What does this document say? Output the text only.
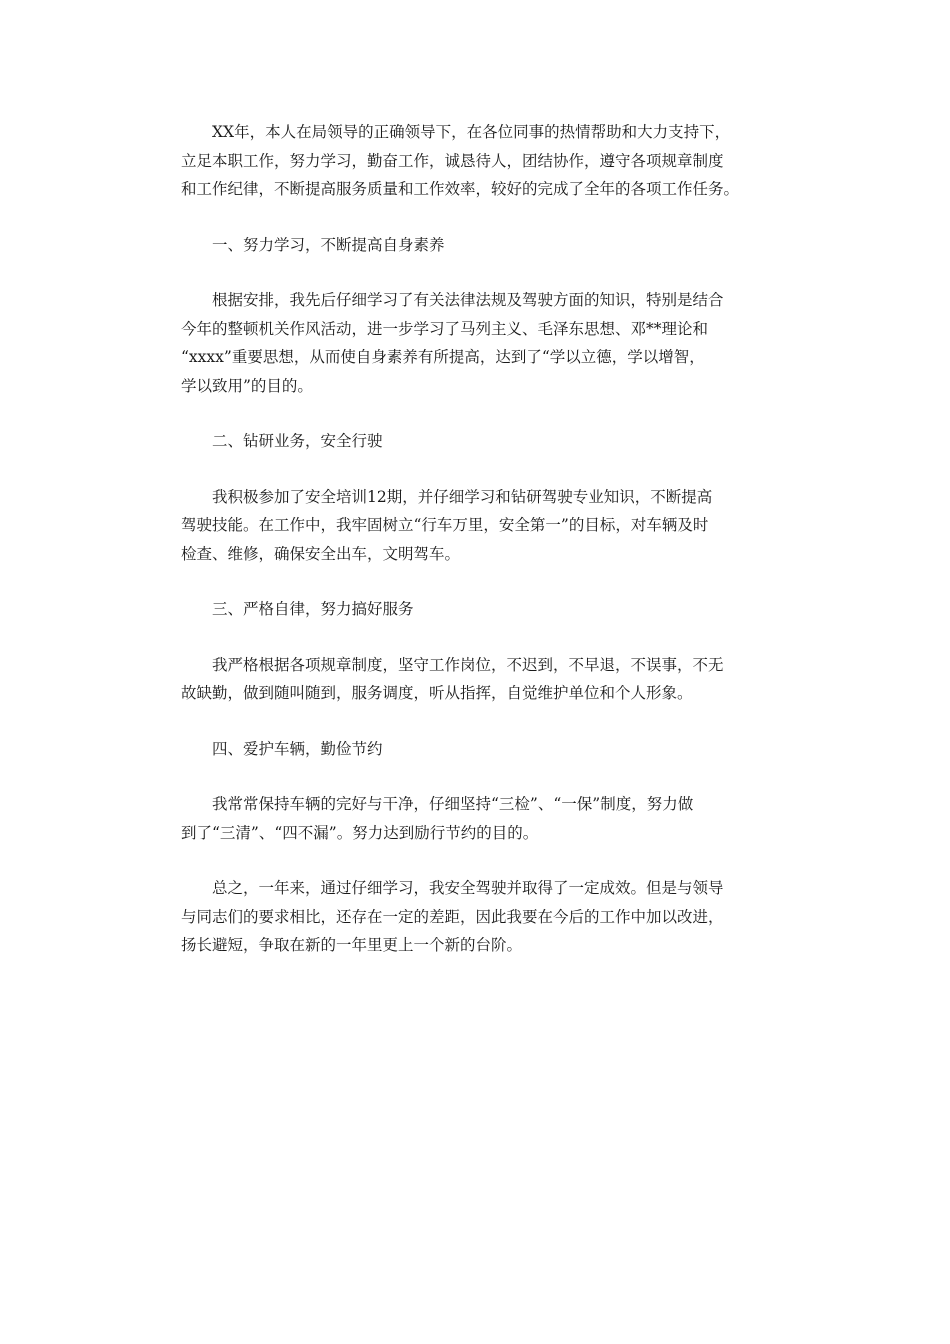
XX年，本人在局领导的正确领导下，在各位同事的热情帮助和大力支持下，
立足本职工作，努力学习，勤奋工作，诚恳待人，团结协作，遵守各项规章制度
和工作纪律，不断提高服务质量和工作效率，较好的完成了全年的各项工作任务。

一、努力学习，不断提高自身素养

根据安排，我先后仔细学习了有关法律法规及驾驶方面的知识，特别是结合
今年的整顿机关作风活动，进一步学习了马列主义、毛泽东思想、邓**理论和
“xxxx”重要思想，从而使自身素养有所提高，达到了“学以立德，学以增智，
学以致用”的目的。

二、钻研业务，安全行驶

我积极参加了安全培训12期，并仔细学习和钻研驾驶专业知识，不断提高
驾驶技能。在工作中，我牢固树立“行车万里，安全第一”的目标，对车辆及时
检查、维修，确保安全出车，文明驾车。

三、严格自律，努力搞好服务

我严格根据各项规章制度，坚守工作岗位，不迟到，不早退，不误事，不无
故缺勤，做到随叫随到，服务调度，听从指挥，自觉维护单位和个人形象。

四、爱护车辆，勤俭节约

我常常保持车辆的完好与干净，仔细坚持“三检”、“一保”制度，努力做
到了“三清”、“四不漏”。努力达到励行节约的目的。

总之，一年来，通过仔细学习，我安全驾驶并取得了一定成效。但是与领导
与同志们的要求相比，还存在一定的差距，因此我要在今后的工作中加以改进，
扬长避短，争取在新的一年里更上一个新的台阶。
